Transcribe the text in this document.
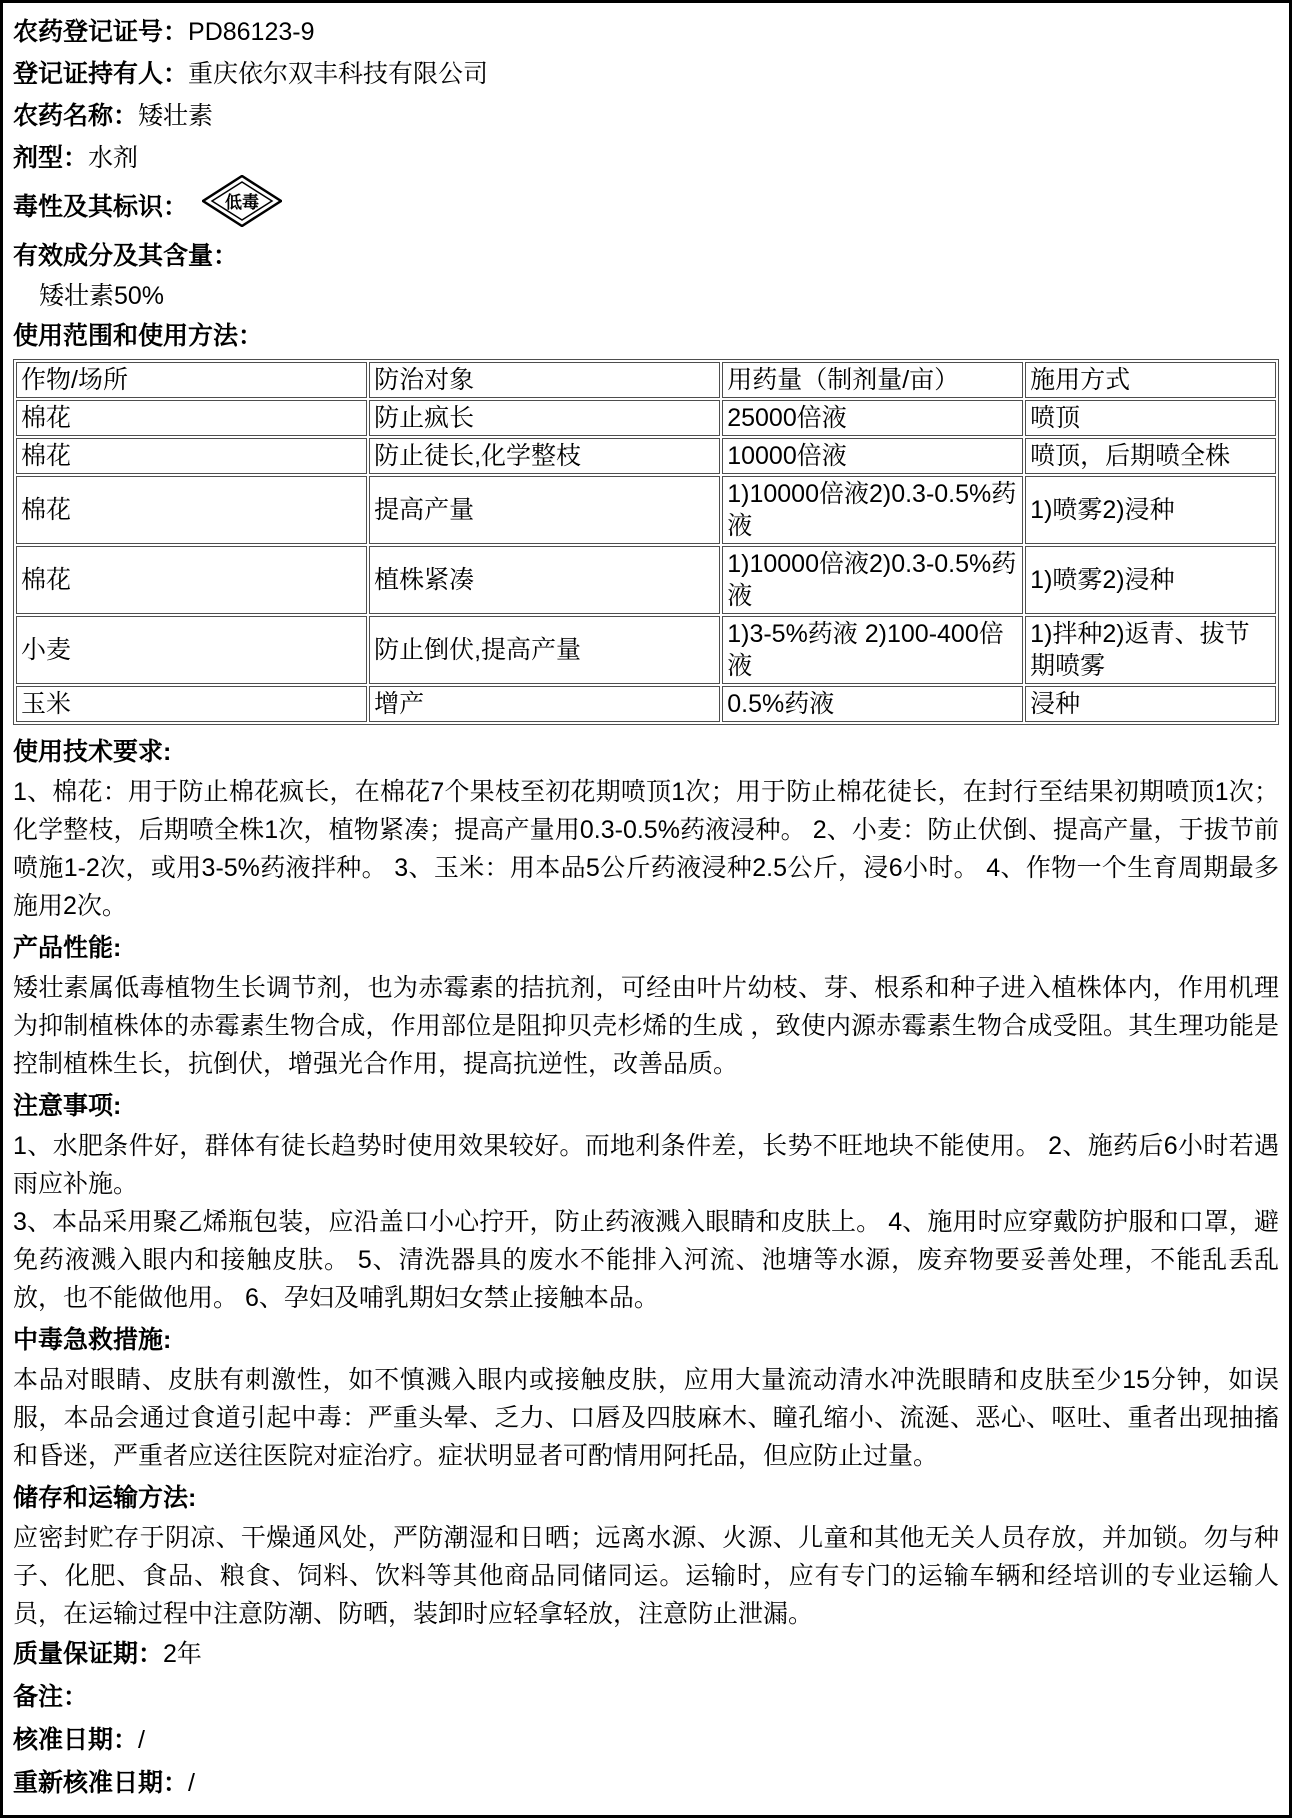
农药登记证号：PD86123-9
登记证持有人：重庆依尔双丰科技有限公司
农药名称：矮壮素
剂型：水剂
毒性及其标识： 低毒
有效成分及其含量：
矮壮素50%
使用范围和使用方法：
作物/场所	防治对象	用药量（制剂量/亩）	施用方式
棉花	防止疯长	25000倍液	喷顶
棉花	防止徒长,化学整枝	10000倍液	喷顶，后期喷全株
棉花	提高产量	1)10000倍液2)0.3-0.5%药液	1)喷雾2)浸种
棉花	植株紧凑	1)10000倍液2)0.3-0.5%药液	1)喷雾2)浸种
小麦	防止倒伏,提高产量	1)3-5%药液 2)100-400倍液	1)拌种2)返青、拔节期喷雾
玉米	增产	0.5%药液	浸种
使用技术要求:
1、棉花：用于防止棉花疯长，在棉花7个果枝至初花期喷顶1次；用于防止棉花徒长，在封行至结果初期喷顶1次；化学整枝，后期喷全株1次，植物紧凑；提高产量用0.3-0.5%药液浸种。 2、小麦：防止伏倒、提高产量，于拔节前喷施1-2次，或用3-5%药液拌种。 3、玉米：用本品5公斤药液浸种2.5公斤，浸6小时。 4、作物一个生育周期最多施用2次。
产品性能:
矮壮素属低毒植物生长调节剂，也为赤霉素的拮抗剂，可经由叶片幼枝、芽、根系和种子进入植株体内，作用机理为抑制植株体的赤霉素生物合成，作用部位是阻抑贝壳杉烯的生成 ，致使内源赤霉素生物合成受阻。其生理功能是控制植株生长，抗倒伏，增强光合作用，提高抗逆性，改善品质。
注意事项:
1、水肥条件好，群体有徒长趋势时使用效果较好。而地利条件差，长势不旺地块不能使用。 2、施药后6小时若遇雨应补施。
3、本品采用聚乙烯瓶包装，应沿盖口小心拧开，防止药液溅入眼睛和皮肤上。 4、施用时应穿戴防护服和口罩，避免药液溅入眼内和接触皮肤。 5、清洗器具的废水不能排入河流、池塘等水源，废弃物要妥善处理，不能乱丢乱放，也不能做他用。 6、孕妇及哺乳期妇女禁止接触本品。
中毒急救措施:
本品对眼睛、皮肤有刺激性，如不慎溅入眼内或接触皮肤，应用大量流动清水冲洗眼睛和皮肤至少15分钟，如误服，本品会通过食道引起中毒：严重头晕、乏力、口唇及四肢麻木、瞳孔缩小、流涎、恶心、呕吐、重者出现抽搐和昏迷，严重者应送往医院对症治疗。症状明显者可酌情用阿托品，但应防止过量。
储存和运输方法:
应密封贮存于阴凉、干燥通风处，严防潮湿和日晒；远离水源、火源、儿童和其他无关人员存放，并加锁。勿与种子、化肥、食品、粮食、饲料、饮料等其他商品同储同运。运输时，应有专门的运输车辆和经培训的专业运输人员，在运输过程中注意防潮、防晒，装卸时应轻拿轻放，注意防止泄漏。
质量保证期：2年
备注：
核准日期：/
重新核准日期：/
